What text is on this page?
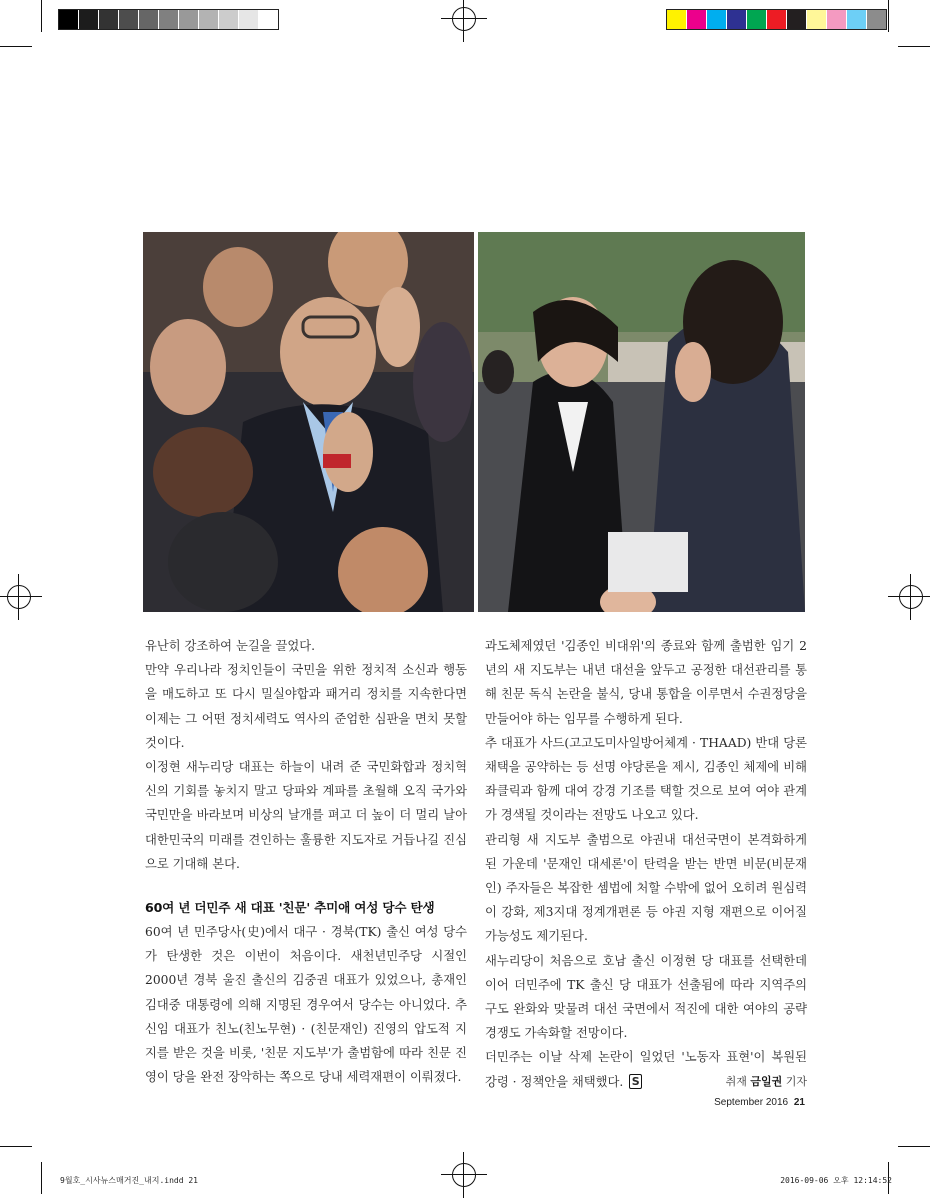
유난히 강조하여 눈길을 끌었다.

만약 우리나라 정치인들이 국민을 위한 정치적 소신과 행동을 매도하고 또 다시 밀실야합과 패거리 정치를 지속한다면 이제는 그 어떤 정치세력도 역사의 준엄한 심판을 면치 못할 것이다.

이정현 새누리당 대표는 하늘이 내려 준 국민화합과 정치혁신의 기회를 놓치지 말고 당파와 계파를 초월해 오직 국가와 국민만을 바라보며 비상의 날개를 펴고 더 높이 더 멀리 날아 대한민국의 미래를 견인하는 훌륭한 지도자로 거듭나길 진심으로 기대해 본다.

60여 년 더민주 새 대표 '친문' 추미애 여성 당수 탄생

60여 년 민주당사(史)에서 대구 · 경북(TK) 출신 여성 당수가 탄생한 것은 이번이 처음이다. 새천년민주당 시절인 2000년 경북 울진 출신의 김중권 대표가 있었으나, 총재인 김대중 대통령에 의해 지명된 경우여서 당수는 아니었다. 추 신임 대표가 친노(친노무현) · (친문재인) 진영의 압도적 지지를 받은 것을 비롯, '친문 지도부'가 출범함에 따라 친문 진영이 당을 완전 장악하는 쪽으로 당내 세력재편이 이뤄졌다.

과도체제였던 '김종인 비대위'의 종료와 함께 출범한 임기 2년의 새 지도부는 내년 대선을 앞두고 공정한 대선관리를 통해 친문 독식 논란을 불식, 당내 통합을 이루면서 수권정당을 만들어야 하는 임무를 수행하게 된다.

추 대표가 사드(고고도미사일방어체계 · THAAD) 반대 당론 채택을 공약하는 등 선명 야당론을 제시, 김종인 체제에 비해 좌클릭과 함께 대여 강경 기조를 택할 것으로 보여 여야 관계가 경색될 것이라는 전망도 나오고 있다.

관리형 새 지도부 출범으로 야권내 대선국면이 본격화하게 된 가운데 '문재인 대세론'이 탄력을 받는 반면 비문(비문재인) 주자들은 복잡한 셈법에 처할 수밖에 없어 오히려 원심력이 강화, 제3지대 정계개편론 등 야권 지형 재편으로 이어질 가능성도 제기된다.

새누리당이 처음으로 호남 출신 이정현 당 대표를 선택한데 이어 더민주에 TK 출신 당 대표가 선출됨에 따라 지역주의 구도 완화와 맞물려 대선 국면에서 적진에 대한 여야의 공략 경쟁도 가속화할 전망이다.

더민주는 이날 삭제 논란이 일었던 '노동자 표현'이 복원된 강령 · 정책안을 채택했다. S	취재 금일권 기자

September 2016 21
9월호_시사뉴스매거진_내지.indd 21	2016-09-06 오후 12:14:52
